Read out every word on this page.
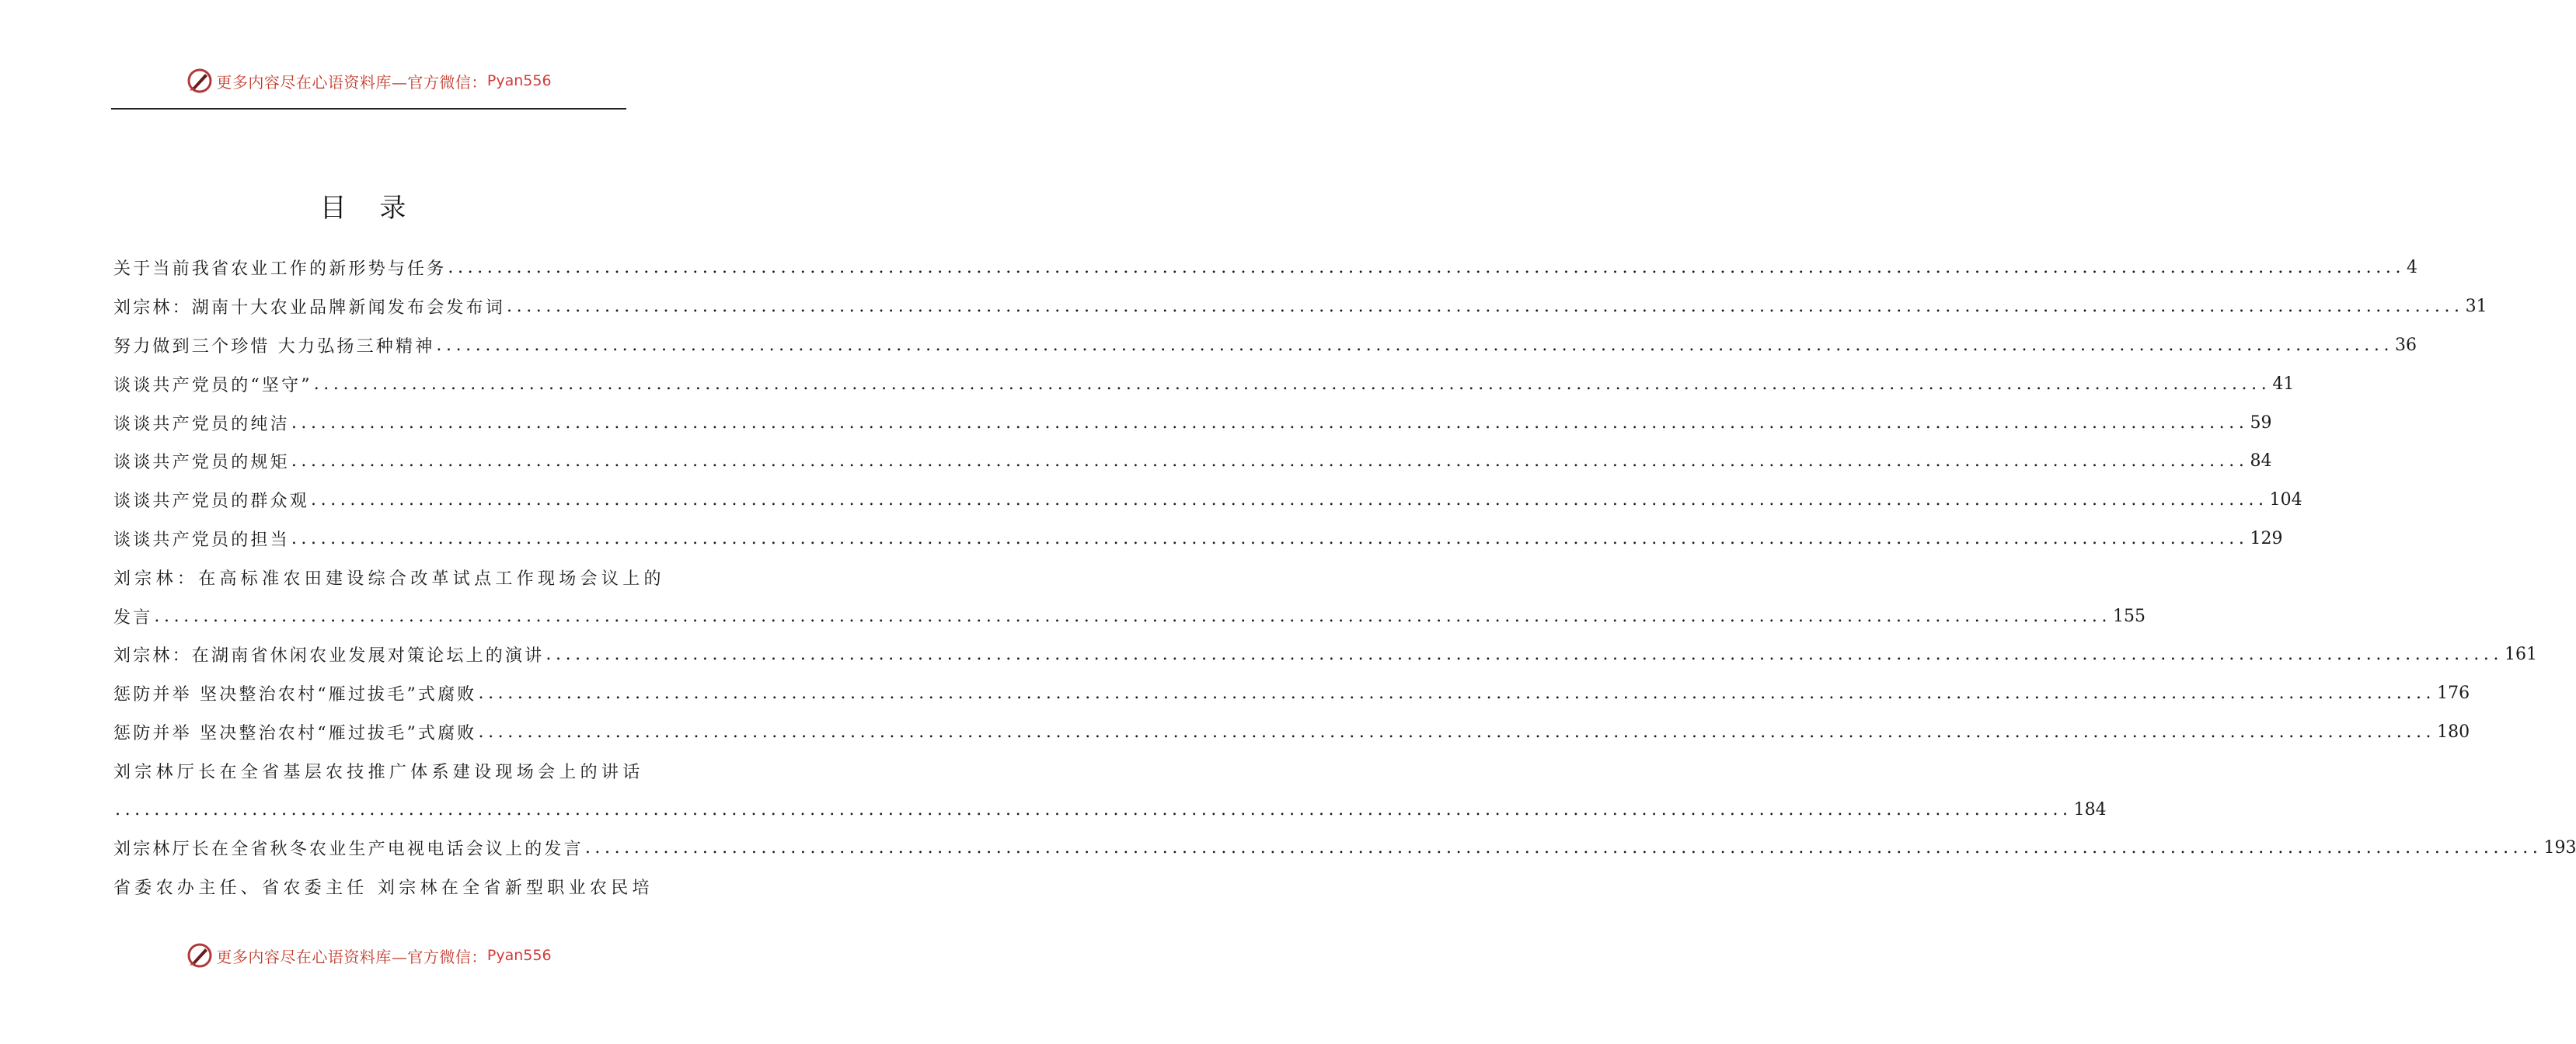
更多内容尽在心语资料库—官方微信： Pyan556
目 录
关于当前我省农业工作的新形势与任务 ........................................................................................................................................................................................................ 4
刘宗林：湖南十大农业品牌新闻发布会发布词 ........................................................................................................................................................................................................ 31
努力做到三个珍惜 大力弘扬三种精神 ........................................................................................................................................................................................................ 36
谈谈共产党员的“坚守” ........................................................................................................................................................................................................ 41
谈谈共产党员的纯洁 ........................................................................................................................................................................................................ 59
谈谈共产党员的规矩 ........................................................................................................................................................................................................ 84
谈谈共产党员的群众观 ........................................................................................................................................................................................................ 104
谈谈共产党员的担当 ........................................................................................................................................................................................................ 129
刘宗林：在高标准农田建设综合改革试点工作现场会议上的
发言 ........................................................................................................................................................................................................ 155
刘宗林：在湖南省休闲农业发展对策论坛上的演讲 ........................................................................................................................................................................................................ 161
惩防并举 坚决整治农村“雁过拔毛”式腐败 ........................................................................................................................................................................................................ 176
惩防并举 坚决整治农村“雁过拔毛”式腐败 ........................................................................................................................................................................................................ 180
刘宗林厅长在全省基层农技推广体系建设现场会上的讲话
........................................................................................................................................................................................................ 184
刘宗林厅长在全省秋冬农业生产电视电话会议上的发言 ........................................................................................................................................................................................................ 193
省委农办主任、省农委主任 刘宗林在全省新型职业农民培
更多内容尽在心语资料库—官方微信： Pyan556
